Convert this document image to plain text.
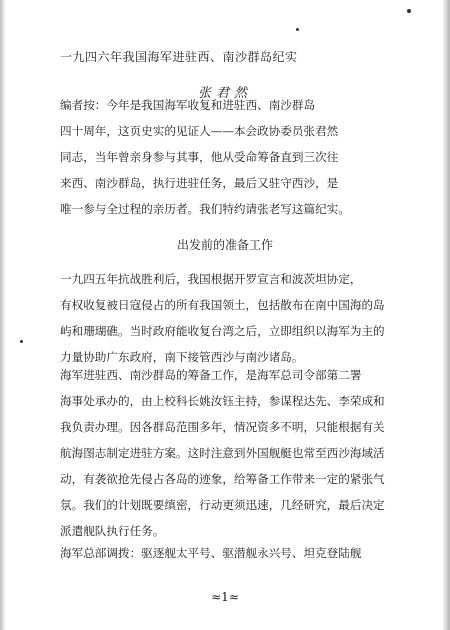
一九四六年我国海军进驻西、南沙群岛纪实
张君然
编者按：今年是我国海军收复和进驻西、南沙群岛
四十周年，这页史实的见证人——本会政协委员张君然
同志，当年曾亲身参与其事，他从受命筹备直到三次往
来西、南沙群岛，执行进驻任务，最后又驻守西沙，是
唯一参与全过程的亲历者。我们特约请张老写这篇纪实。
出发前的准备工作
一九四五年抗战胜利后，我国根据开罗宣言和波茨坦协定，
有权收复被日寇侵占的所有我国领土，包括散布在南中国海的岛
屿和珊瑚礁。当时政府能收复台湾之后，立即组织以海军为主的
力量协助广东政府，南下接管西沙与南沙诸岛。
海军进驻西、南沙群岛的筹备工作，是海军总司令部第二署
海事处承办的，由上校科长姚汝钰主持，参谋程达先、李荣成和
我负责办理。因各群岛范围多年，情况资多不明，只能根据有关
航海图志制定进驻方案。这时注意到外国舰艇也常至西沙海域活
动，有袭欲抢先侵占各岛的迹象，给筹备工作带来一定的紧张气
氛。我们的计划既要缜密，行动更须迅速，几经研究，最后决定
派遣舰队执行任务。
海军总部调拨：驱逐舰太平号、驱潜舰永兴号、坦克登陆舰
≈1≈
